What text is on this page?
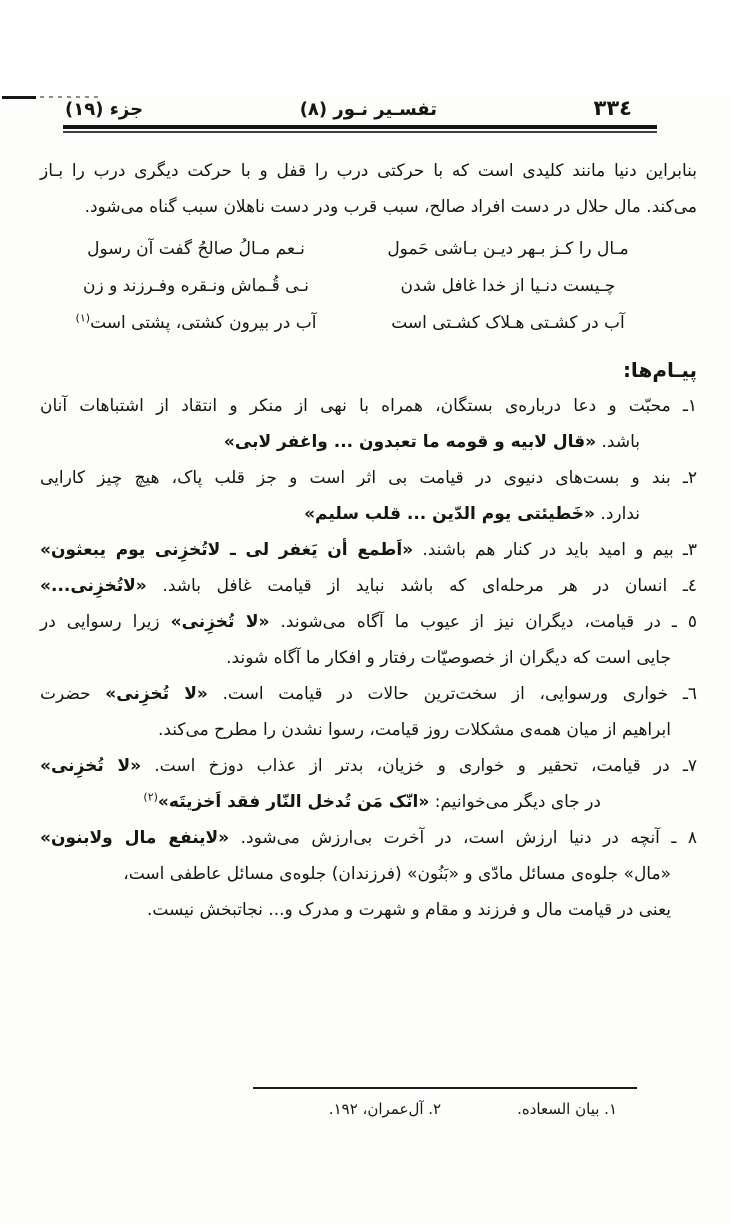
٣٣٤
تفسـیر نـور (٨)
جزء (١٩)
بنابراین دنیا مانند کلیدی است که با حرکتی درب را قفل و با حرکت دیگری درب را بـاز
می‌کند. مال حلال در دست افراد صالح، سبب قرب ودر دست ناهلان سبب گناه می‌شود.
مـال را کـز بـهر دیـن بـاشی حَمول
نـعم مـالُ صالحُ گفت آن رسول
چـیست دنـیا از خدا غافل شدن
نـی قُـماش ونـقره وفـرزند و زن
آب در کشـتی هـلاک کشـتی است
آب در بیرون کشتی، پشتی است$^{(١)}$
پیـام‌ها:
١ـ محبّت و دعا درباره‌ی بستگان، همراه با نهی از منکر و انتقاد از اشتباهات آنان
باشد. «قال لابیه و قومه ما تعبدون ... واغفر لابی»
٢ـ بند و بست‌های دنیوی در قیامت بی اثر است و جز قلب پاک، هیچ چیز کارایی
ندارد. «خَطیئتی یوم الدّین ... قلب سلیم»
٣ـ بیم و امید باید در کنار هم باشند. «اَطمع أن یَغفر لی ـ لاتُخزِنی یوم یبعثون»
٤ـ انسان در هر مرحله‌ای که باشد نباید از قیامت غافل باشد. «لاتُخزِنی...»
٥ ـ در قیامت، دیگران نیز از عیوب ما آگاه می‌شوند. «لا تُخزِنی» زیرا رسوایی در
جایی است که دیگران از خصوصیّات رفتار و افکار ما آگاه شوند.
٦ـ خواری ورسوایی، از سخت‌ترین حالات در قیامت است. «لا تُخزِنی» حضرت
ابراهیم از میان همه‌ی مشکلات روز قیامت، رسوا نشدن را مطرح می‌کند.
٧ـ در قیامت، تحقیر و خواری و خزیان، بدتر از عذاب دوزخ است. «لا تُخزِنی»
در جای دیگر می‌خوانیم: «انّک مَن تُدخل النّار فقد اَخزیتَه»$^{(٢)}$
٨ ـ آنچه در دنیا ارزش است، در آخرت بی‌ارزش می‌شود. «لاینفع مال ولابنون»
«مال» جلوه‌ی مسائل مادّی و «بَنُون» (فرزندان) جلوه‌ی مسائل عاطفی است،
یعنی در قیامت مال و فرزند و مقام و شهرت و مدرک و... نجاتبخش نیست.
١. بیان السعاده.
٢. آل‌عمران، ١٩٢.
